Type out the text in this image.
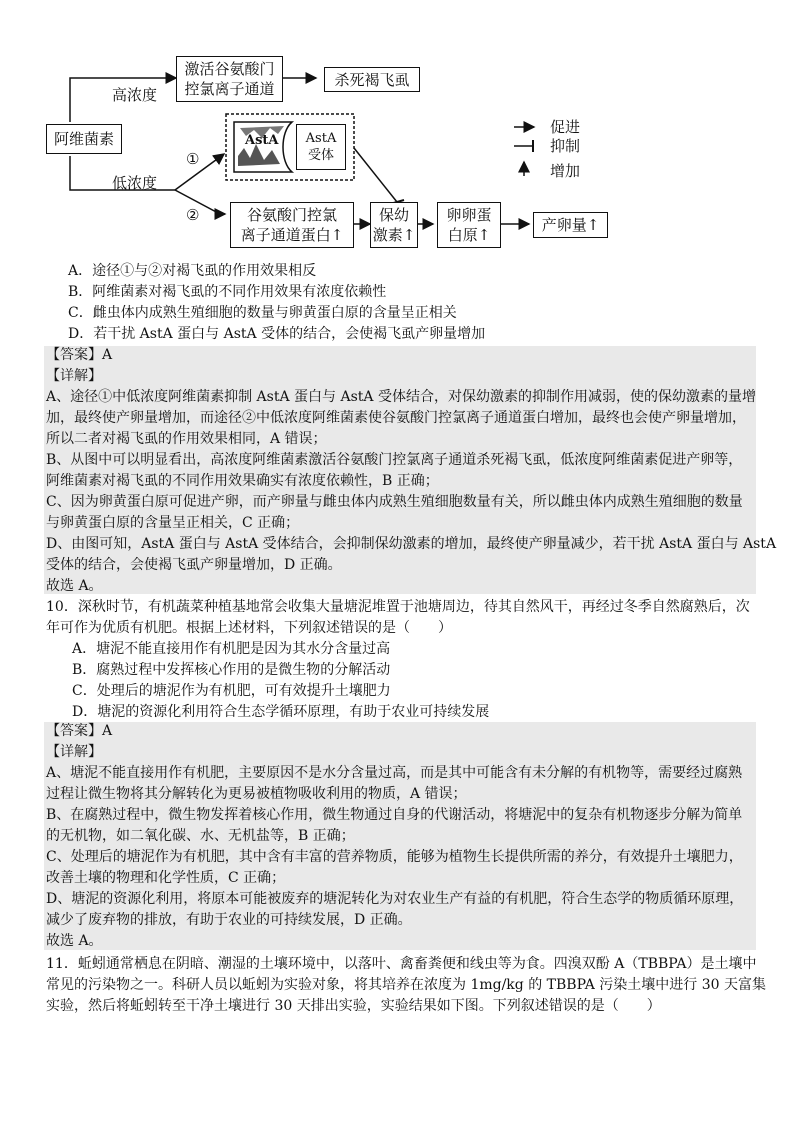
阿维菌素
高浓度
低浓度
激活谷氨酸门
控氯离子通道
杀死褐飞虱
①
②
AstA AstA
受体
谷氨酸门控氯
离子通道蛋白↑
保幼
激素↑
卵卵蛋
白原↑
产卵量↑
促进
抑制
增加
A．途径①与②对褐飞虱的作用效果相反
B．阿维菌素对褐飞虱的不同作用效果有浓度依赖性
C．雌虫体内成熟生殖细胞的数量与卵黄蛋白原的含量呈正相关
D．若干扰 AstA 蛋白与 AstA 受体的结合，会使褐飞虱产卵量增加
【答案】A
【详解】
A、途径①中低浓度阿维菌素抑制 AstA 蛋白与 AstA 受体结合，对保幼激素的抑制作用减弱，使的保幼激素的量增
加，最终使产卵量增加，而途径②中低浓度阿维菌素使谷氨酸门控氯离子通道蛋白增加，最终也会使产卵量增加，
所以二者对褐飞虱的作用效果相同，A 错误；
B、从图中可以明显看出，高浓度阿维菌素激活谷氨酸门控氯离子通道杀死褐飞虱，低浓度阿维菌素促进产卵等，
阿维菌素对褐飞虱的不同作用效果确实有浓度依赖性，B 正确；
C、因为卵黄蛋白原可促进产卵，而产卵量与雌虫体内成熟生殖细胞数量有关，所以雌虫体内成熟生殖细胞的数量
与卵黄蛋白原的含量呈正相关，C 正确；
D、由图可知，AstA 蛋白与 AstA 受体结合，会抑制保幼激素的增加，最终使产卵量减少，若干扰 AstA 蛋白与 AstA
受体的结合，会使褐飞虱产卵量增加，D 正确。
故选 A。
10．深秋时节，有机蔬菜种植基地常会收集大量塘泥堆置于池塘周边，待其自然风干，再经过冬季自然腐熟后，次
年可作为优质有机肥。根据上述材料，下列叙述错误的是（　　）
A．塘泥不能直接用作有机肥是因为其水分含量过高
B．腐熟过程中发挥核心作用的是微生物的分解活动
C．处理后的塘泥作为有机肥，可有效提升土壤肥力
D．塘泥的资源化利用符合生态学循环原理，有助于农业可持续发展
【答案】A
【详解】
A、塘泥不能直接用作有机肥，主要原因不是水分含量过高，而是其中可能含有未分解的有机物等，需要经过腐熟
过程让微生物将其分解转化为更易被植物吸收利用的物质，A 错误；
B、在腐熟过程中，微生物发挥着核心作用，微生物通过自身的代谢活动，将塘泥中的复杂有机物逐步分解为简单
的无机物，如二氧化碳、水、无机盐等，B 正确；
C、处理后的塘泥作为有机肥，其中含有丰富的营养物质，能够为植物生长提供所需的养分，有效提升土壤肥力，
改善土壤的物理和化学性质，C 正确；
D、塘泥的资源化利用，将原本可能被废弃的塘泥转化为对农业生产有益的有机肥，符合生态学的物质循环原理，
减少了废弃物的排放，有助于农业的可持续发展，D 正确。
故选 A。
11．蚯蚓通常栖息在阴暗、潮湿的土壤环境中，以落叶、禽畜粪便和线虫等为食。四溴双酚 A（TBBPA）是土壤中
常见的污染物之一。科研人员以蚯蚓为实验对象，将其培养在浓度为 1mg/kg 的 TBBPA 污染土壤中进行 30 天富集
实验，然后将蚯蚓转至干净土壤进行 30 天排出实验，实验结果如下图。下列叙述错误的是（　　）
